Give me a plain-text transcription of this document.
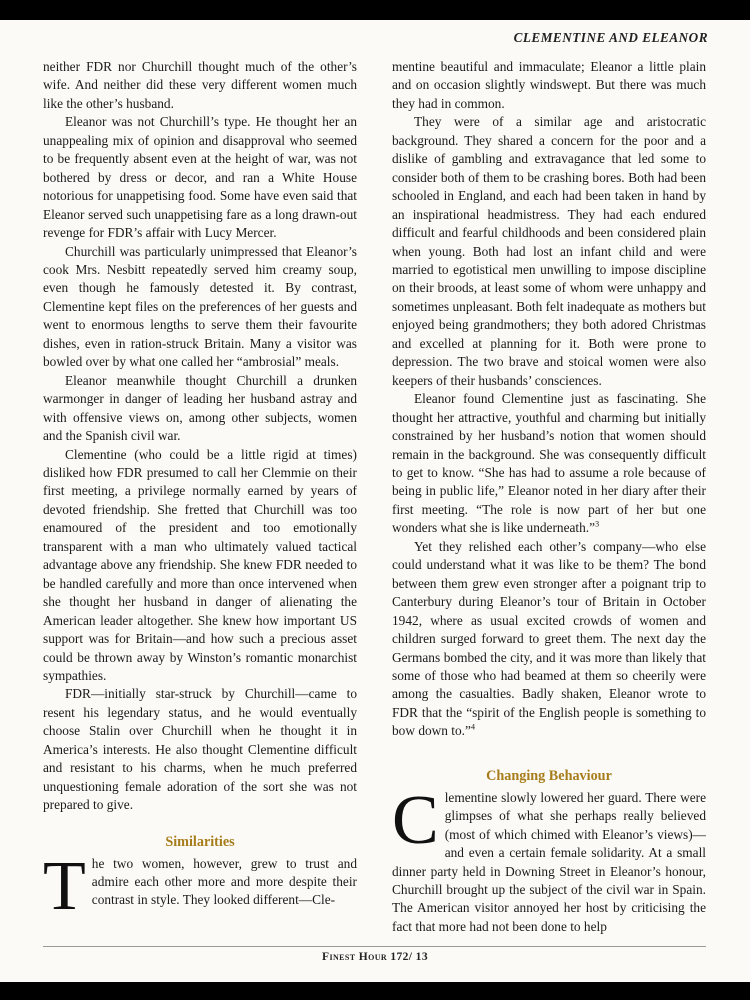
CLEMENTINE AND ELEANOR

neither FDR nor Churchill thought much of the other’s wife. And neither did these very different women much like the other’s husband.

Eleanor was not Churchill’s type. He thought her an unappealing mix of opinion and disapproval who seemed to be frequently absent even at the height of war, was not bothered by dress or decor, and ran a White House notorious for unappetising food. Some have even said that Eleanor served such unappetising fare as a long drawn-out revenge for FDR’s affair with Lucy Mercer.

Churchill was particularly unimpressed that Eleanor’s cook Mrs. Nesbitt repeatedly served him creamy soup, even though he famously detested it. By contrast, Clementine kept files on the preferences of her guests and went to enormous lengths to serve them their favourite dishes, even in ration-struck Britain. Many a visitor was bowled over by what one called her “ambrosial” meals.

Eleanor meanwhile thought Churchill a drunken warmonger in danger of leading her husband astray and with offensive views on, among other subjects, women and the Spanish civil war.

Clementine (who could be a little rigid at times) disliked how FDR presumed to call her Clemmie on their first meeting, a privilege normally earned by years of devoted friendship. She fretted that Churchill was too enamoured of the president and too emotionally transparent with a man who ultimately valued tactical advantage above any friendship. She knew FDR needed to be handled carefully and more than once intervened when she thought her husband in danger of alienating the American leader altogether. She knew how important US support was for Britain—and how such a precious asset could be thrown away by Winston’s romantic monarchist sympathies.

FDR—initially star-struck by Churchill—came to resent his legendary status, and he would eventually choose Stalin over Churchill when he thought it in America’s interests. He also thought Clementine difficult and resistant to his charms, when he much preferred unquestioning female adoration of the sort she was not prepared to give.

Similarities

The two women, however, grew to trust and admire each other more and more despite their contrast in style. They looked different—Cle-

mentine beautiful and immaculate; Eleanor a little plain and on occasion slightly windswept. But there was much they had in common.

They were of a similar age and aristocratic background. They shared a concern for the poor and a dislike of gambling and extravagance that led some to consider both of them to be crashing bores. Both had been schooled in England, and each had been taken in hand by an inspirational headmistress. They had each endured difficult and fearful childhoods and been considered plain when young. Both had lost an infant child and were married to egotistical men unwilling to impose discipline on their broods, at least some of whom were unhappy and sometimes unpleasant. Both felt inadequate as mothers but enjoyed being grandmothers; they both adored Christmas and excelled at planning for it. Both were prone to depression. The two brave and stoical women were also keepers of their husbands’ consciences.

Eleanor found Clementine just as fascinating. She thought her attractive, youthful and charming but initially constrained by her husband’s notion that women should remain in the background. She was consequently difficult to get to know. “She has had to assume a role because of being in public life,” Eleanor noted in her diary after their first meeting. “The role is now part of her but one wonders what she is like underneath.”$^3$

Yet they relished each other’s company—who else could understand what it was like to be them? The bond between them grew even stronger after a poignant trip to Canterbury during Eleanor’s tour of Britain in October 1942, where as usual excited crowds of women and children surged forward to greet them. The next day the Germans bombed the city, and it was more than likely that some of those who had beamed at them so cheerily were among the casualties. Badly shaken, Eleanor wrote to FDR that the “spirit of the English people is something to bow down to.”$^4$

Changing Behaviour

Clementine slowly lowered her guard. There were glimpses of what she perhaps really believed (most of which chimed with Eleanor’s views)—and even a certain female solidarity. At a small dinner party held in Downing Street in Eleanor’s honour, Churchill brought up the subject of the civil war in Spain. The American visitor annoyed her host by criticising the fact that more had not been done to help

Finest Hour 172/ 13
